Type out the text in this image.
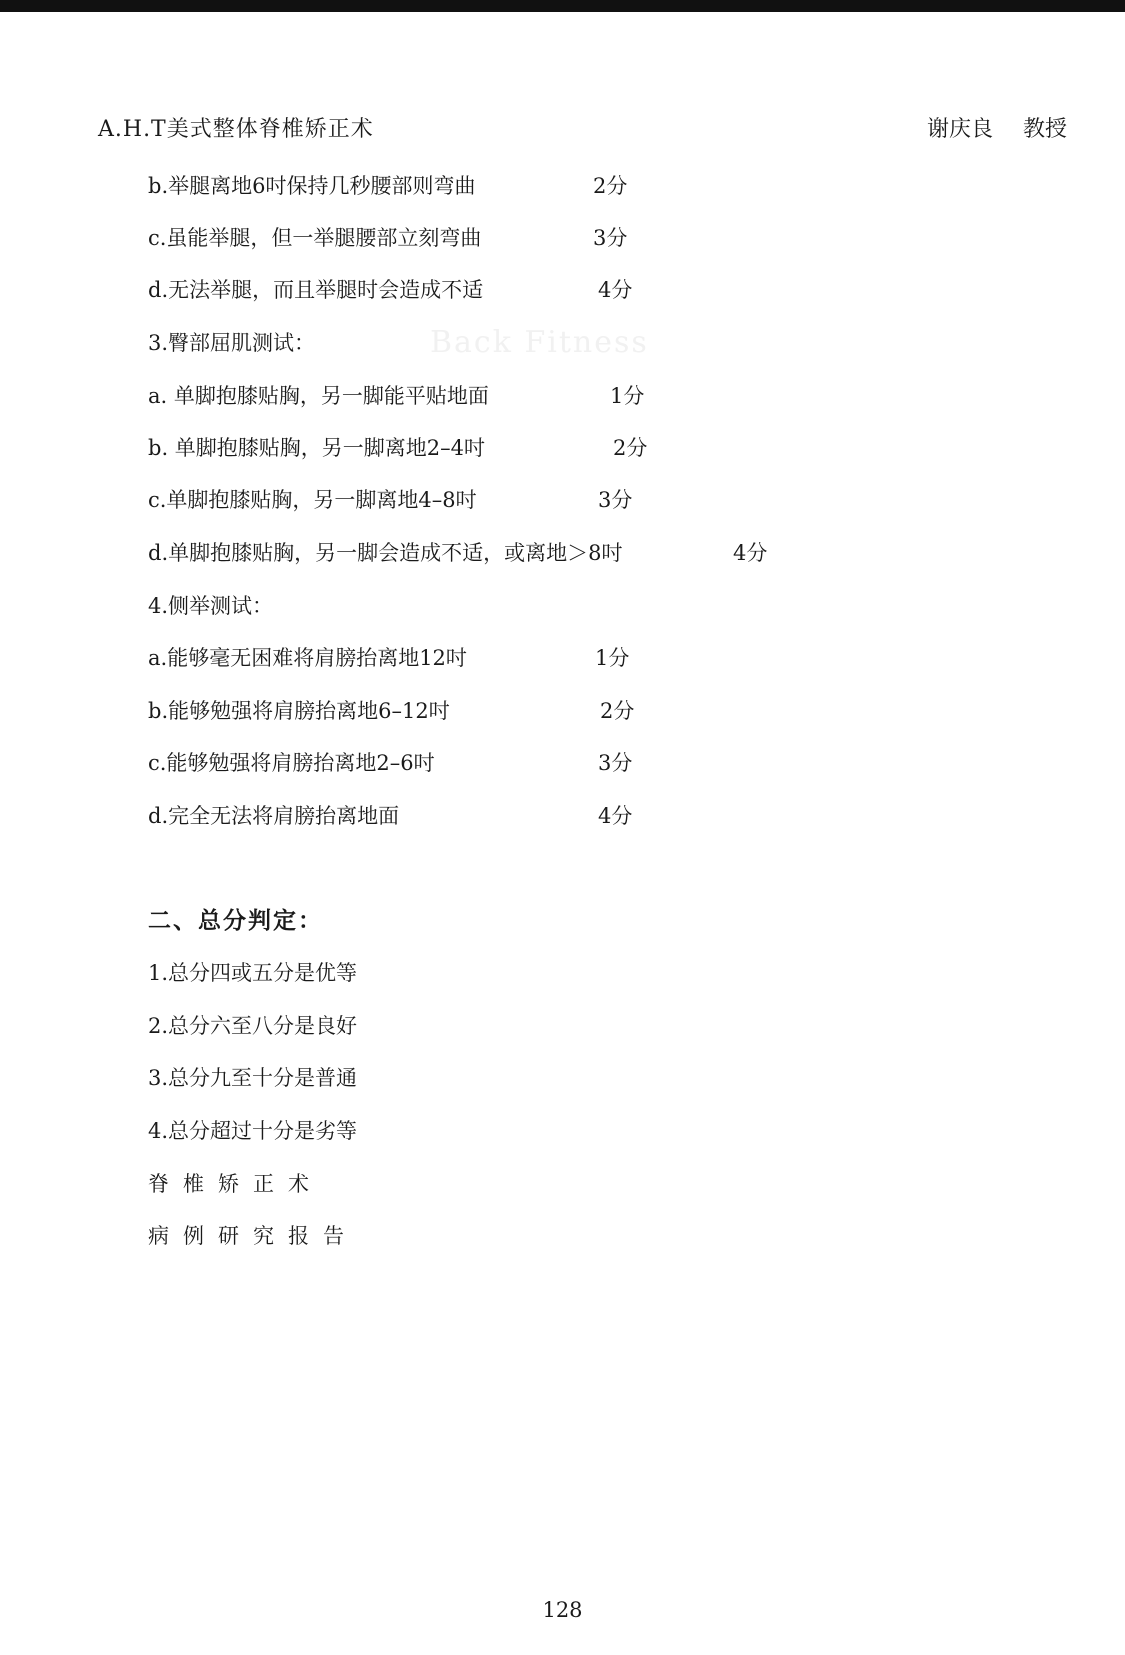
Back Fitness
A.H.T美式整体脊椎矫正术	谢庆良 教授
b.举腿离地6吋保持几秒腰部则弯曲	2分
c.虽能举腿，但一举腿腰部立刻弯曲	3分
d.无法举腿，而且举腿时会造成不适	4分
3.臀部屈肌测试：
a. 单脚抱膝贴胸，另一脚能平贴地面	1分
b. 单脚抱膝贴胸，另一脚离地2–4吋	2分
c.单脚抱膝贴胸，另一脚离地4–8吋	3分
d.单脚抱膝贴胸，另一脚会造成不适，或离地＞8吋	4分
4.侧举测试：
a.能够毫无困难将肩膀抬离地12吋	1分
b.能够勉强将肩膀抬离地6–12吋	2分
c.能够勉强将肩膀抬离地2–6吋	3分
d.完全无法将肩膀抬离地面	4分
二、总分判定：
1.总分四或五分是优等
2.总分六至八分是良好
3.总分九至十分是普通
4.总分超过十分是劣等
脊椎矫正术
病例研究报告
128
